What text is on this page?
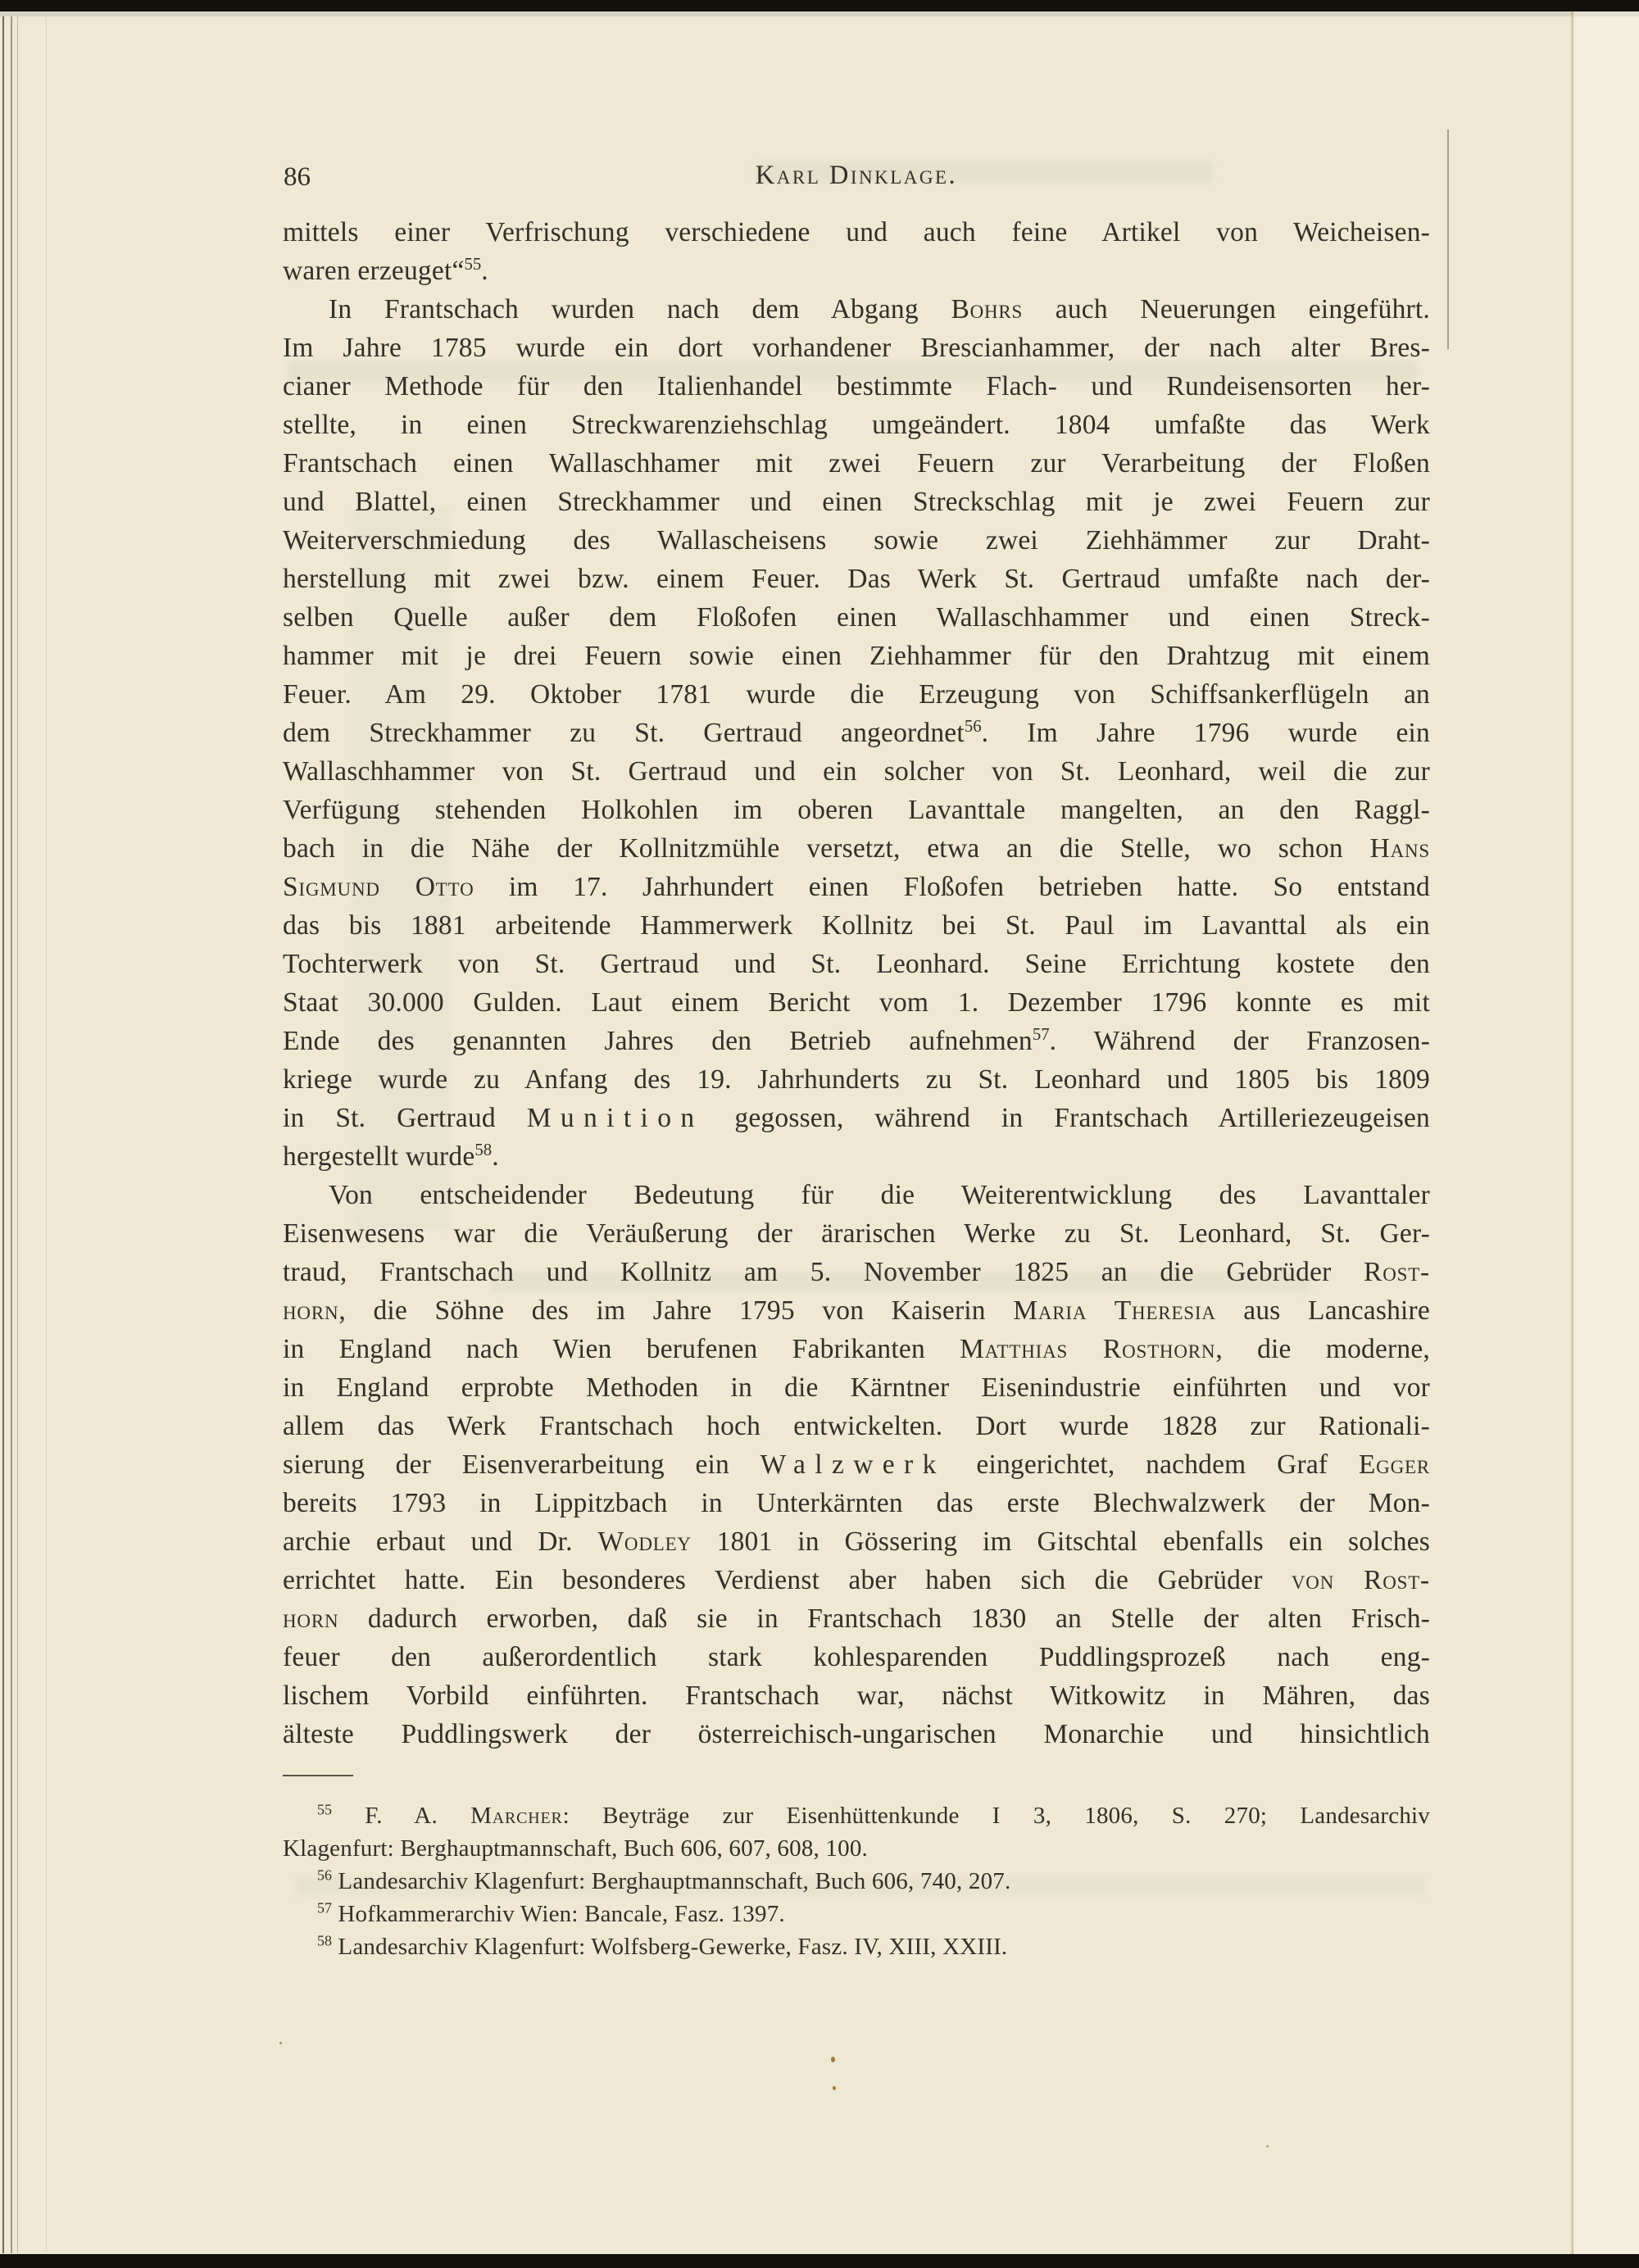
86	Karl Dinklage.
mittels einer Verfrischung verschiedene und auch feine Artikel von Weicheisen-
waren erzeuget“$^{55}$.
In Frantschach wurden nach dem Abgang Bohrs auch Neuerungen eingeführt.
Im Jahre 1785 wurde ein dort vorhandener Brescianhammer, der nach alter Bres-
cianer Methode für den Italienhandel bestimmte Flach- und Rundeisensorten her-
stellte, in einen Streckwarenziehschlag umgeändert. 1804 umfaßte das Werk
Frantschach einen Wallaschhamer mit zwei Feuern zur Verarbeitung der Floßen
und Blattel, einen Streckhammer und einen Streckschlag mit je zwei Feuern zur
Weiterverschmiedung des Wallascheisens sowie zwei Ziehhämmer zur Draht-
herstellung mit zwei bzw. einem Feuer. Das Werk St. Gertraud umfaßte nach der-
selben Quelle außer dem Floßofen einen Wallaschhammer und einen Streck-
hammer mit je drei Feuern sowie einen Ziehhammer für den Drahtzug mit einem
Feuer. Am 29. Oktober 1781 wurde die Erzeugung von Schiffsankerflügeln an
dem Streckhammer zu St. Gertraud angeordnet$^{56}$. Im Jahre 1796 wurde ein
Wallaschhammer von St. Gertraud und ein solcher von St. Leonhard, weil die zur
Verfügung stehenden Holkohlen im oberen Lavanttale mangelten, an den Raggl-
bach in die Nähe der Kollnitzmühle versetzt, etwa an die Stelle, wo schon Hans
Sigmund Otto im 17. Jahrhundert einen Floßofen betrieben hatte. So entstand
das bis 1881 arbeitende Hammerwerk Kollnitz bei St. Paul im Lavanttal als ein
Tochterwerk von St. Gertraud und St. Leonhard. Seine Errichtung kostete den
Staat 30.000 Gulden. Laut einem Bericht vom 1. Dezember 1796 konnte es mit
Ende des genannten Jahres den Betrieb aufnehmen$^{57}$. Während der Franzosen-
kriege wurde zu Anfang des 19. Jahrhunderts zu St. Leonhard und 1805 bis 1809
in St. Gertraud Munition gegossen, während in Frantschach Artilleriezeugeisen
hergestellt wurde$^{58}$.
Von entscheidender Bedeutung für die Weiterentwicklung des Lavanttaler
Eisenwesens war die Veräußerung der ärarischen Werke zu St. Leonhard, St. Ger-
traud, Frantschach und Kollnitz am 5. November 1825 an die Gebrüder Rost-
horn, die Söhne des im Jahre 1795 von Kaiserin Maria Theresia aus Lancashire
in England nach Wien berufenen Fabrikanten Matthias Rosthorn, die moderne,
in England erprobte Methoden in die Kärntner Eisenindustrie einführten und vor
allem das Werk Frantschach hoch entwickelten. Dort wurde 1828 zur Rationali-
sierung der Eisenverarbeitung ein Walzwerk eingerichtet, nachdem Graf Egger
bereits 1793 in Lippitzbach in Unterkärnten das erste Blechwalzwerk der Mon-
archie erbaut und Dr. Wodley 1801 in Gössering im Gitschtal ebenfalls ein solches
errichtet hatte. Ein besonderes Verdienst aber haben sich die Gebrüder von Rost-
horn dadurch erworben, daß sie in Frantschach 1830 an Stelle der alten Frisch-
feuer den außerordentlich stark kohlesparenden Puddlingsprozeß nach eng-
lischem Vorbild einführten. Frantschach war, nächst Witkowitz in Mähren, das
älteste Puddlingswerk der österreichisch-ungarischen Monarchie und hinsichtlich
$^{55}$ F. A. Marcher: Beyträge zur Eisenhüttenkunde I 3, 1806, S. 270; Landesarchiv
Klagenfurt: Berghauptmannschaft, Buch 606, 607, 608, 100.
$^{56}$ Landesarchiv Klagenfurt: Berghauptmannschaft, Buch 606, 740, 207.
$^{57}$ Hofkammerarchiv Wien: Bancale, Fasz. 1397.
$^{58}$ Landesarchiv Klagenfurt: Wolfsberg-Gewerke, Fasz. IV, XIII, XXIII.
